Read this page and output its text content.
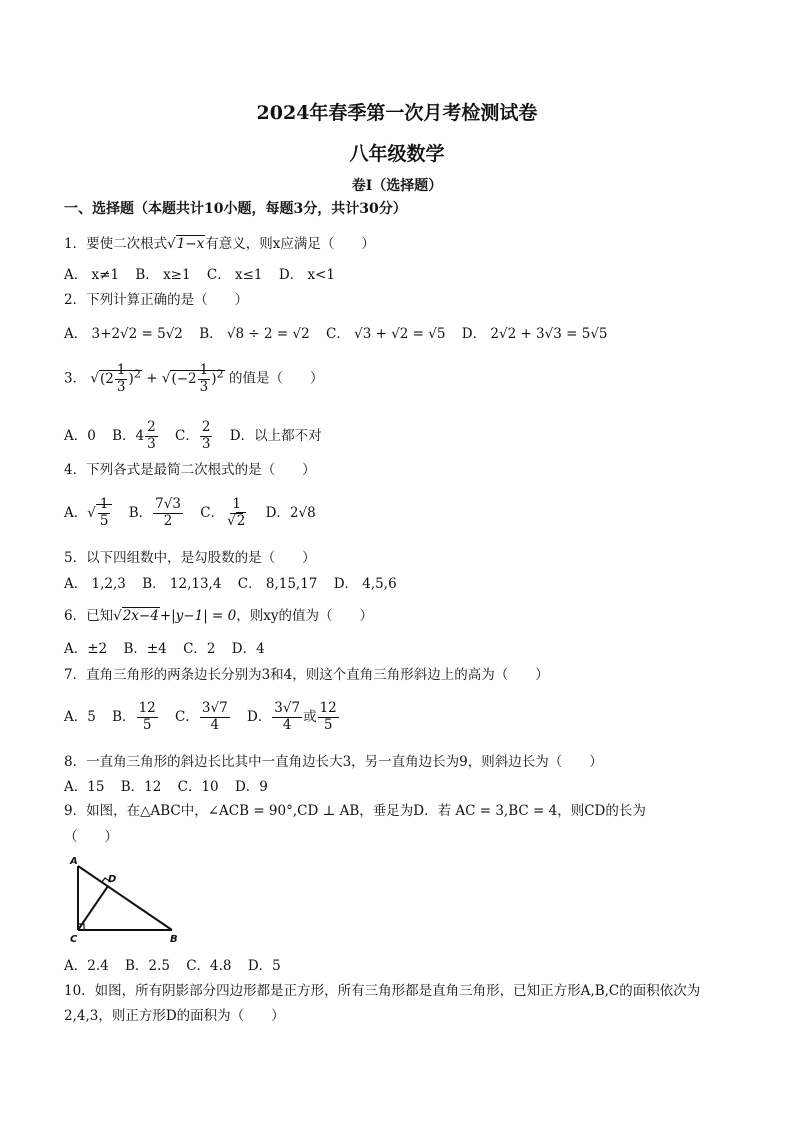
2024年春季第一次月考检测试卷
八年级数学
卷Ⅰ（选择题）
一、选择题（本题共计10小题，每题3分，共计30分）
1．要使二次根式√1−x有意义，则x应满足（　　）
A． x≠1 B． x≥1 C． x≤1 D． x<1
2．下列计算正确的是（　　）
A． 3+2√2 = 5√2 B． √8 ÷ 2 = √2 C． √3 + √2 = √5 D． 2√2 + 3√3 = 5√5
3． $√(2 \frac{1}{3} )^2 + √(-2 \frac{1}{3} )^2$ 的值是（　　）
A．0 B．$4 \frac{2}{3}$ C． $\frac{2}{3}$ D．以上都不对
4．下列各式是最简二次根式的是（　　）
A．√ $\frac{1}{5}$ B． $\frac{7√3}{2}$ C． $\frac{1}{√2}$ D．2√8
5．以下四组数中，是勾股数的是（　　）
A． 1,2,3 B． 12,13,4 C． 8,15,17 D． 4,5,6
6．已知√2x−4+|y−1| = 0，则xy的值为（　　）
A．±2 B．±4 C．2 D．4
7．直角三角形的两条边长分别为3和4，则这个直角三角形斜边上的高为（　　）
A．5 B． $\frac{12}{5}$ C． $\frac{3√7}{4}$ D． $\frac{3√7}{4}$ 或 $\frac{12}{5}$
8．一直角三角形的斜边长比其中一直角边长大3，另一直角边长为9，则斜边长为（　　）
A．15 B．12 C．10 D．9
9．如图，在△ABC中，∠ACB = 90°,CD ⊥ AB，垂足为D．若 AC = 3,BC = 4，则CD的长为
（　　）
A
D
C	B
A．2.4 B．2.5 C．4.8 D．5
10．如图，所有阴影部分四边形都是正方形，所有三角形都是直角三角形，已知正方形A,B,C的面积依次为
2,4,3，则正方形D的面积为（　　）
